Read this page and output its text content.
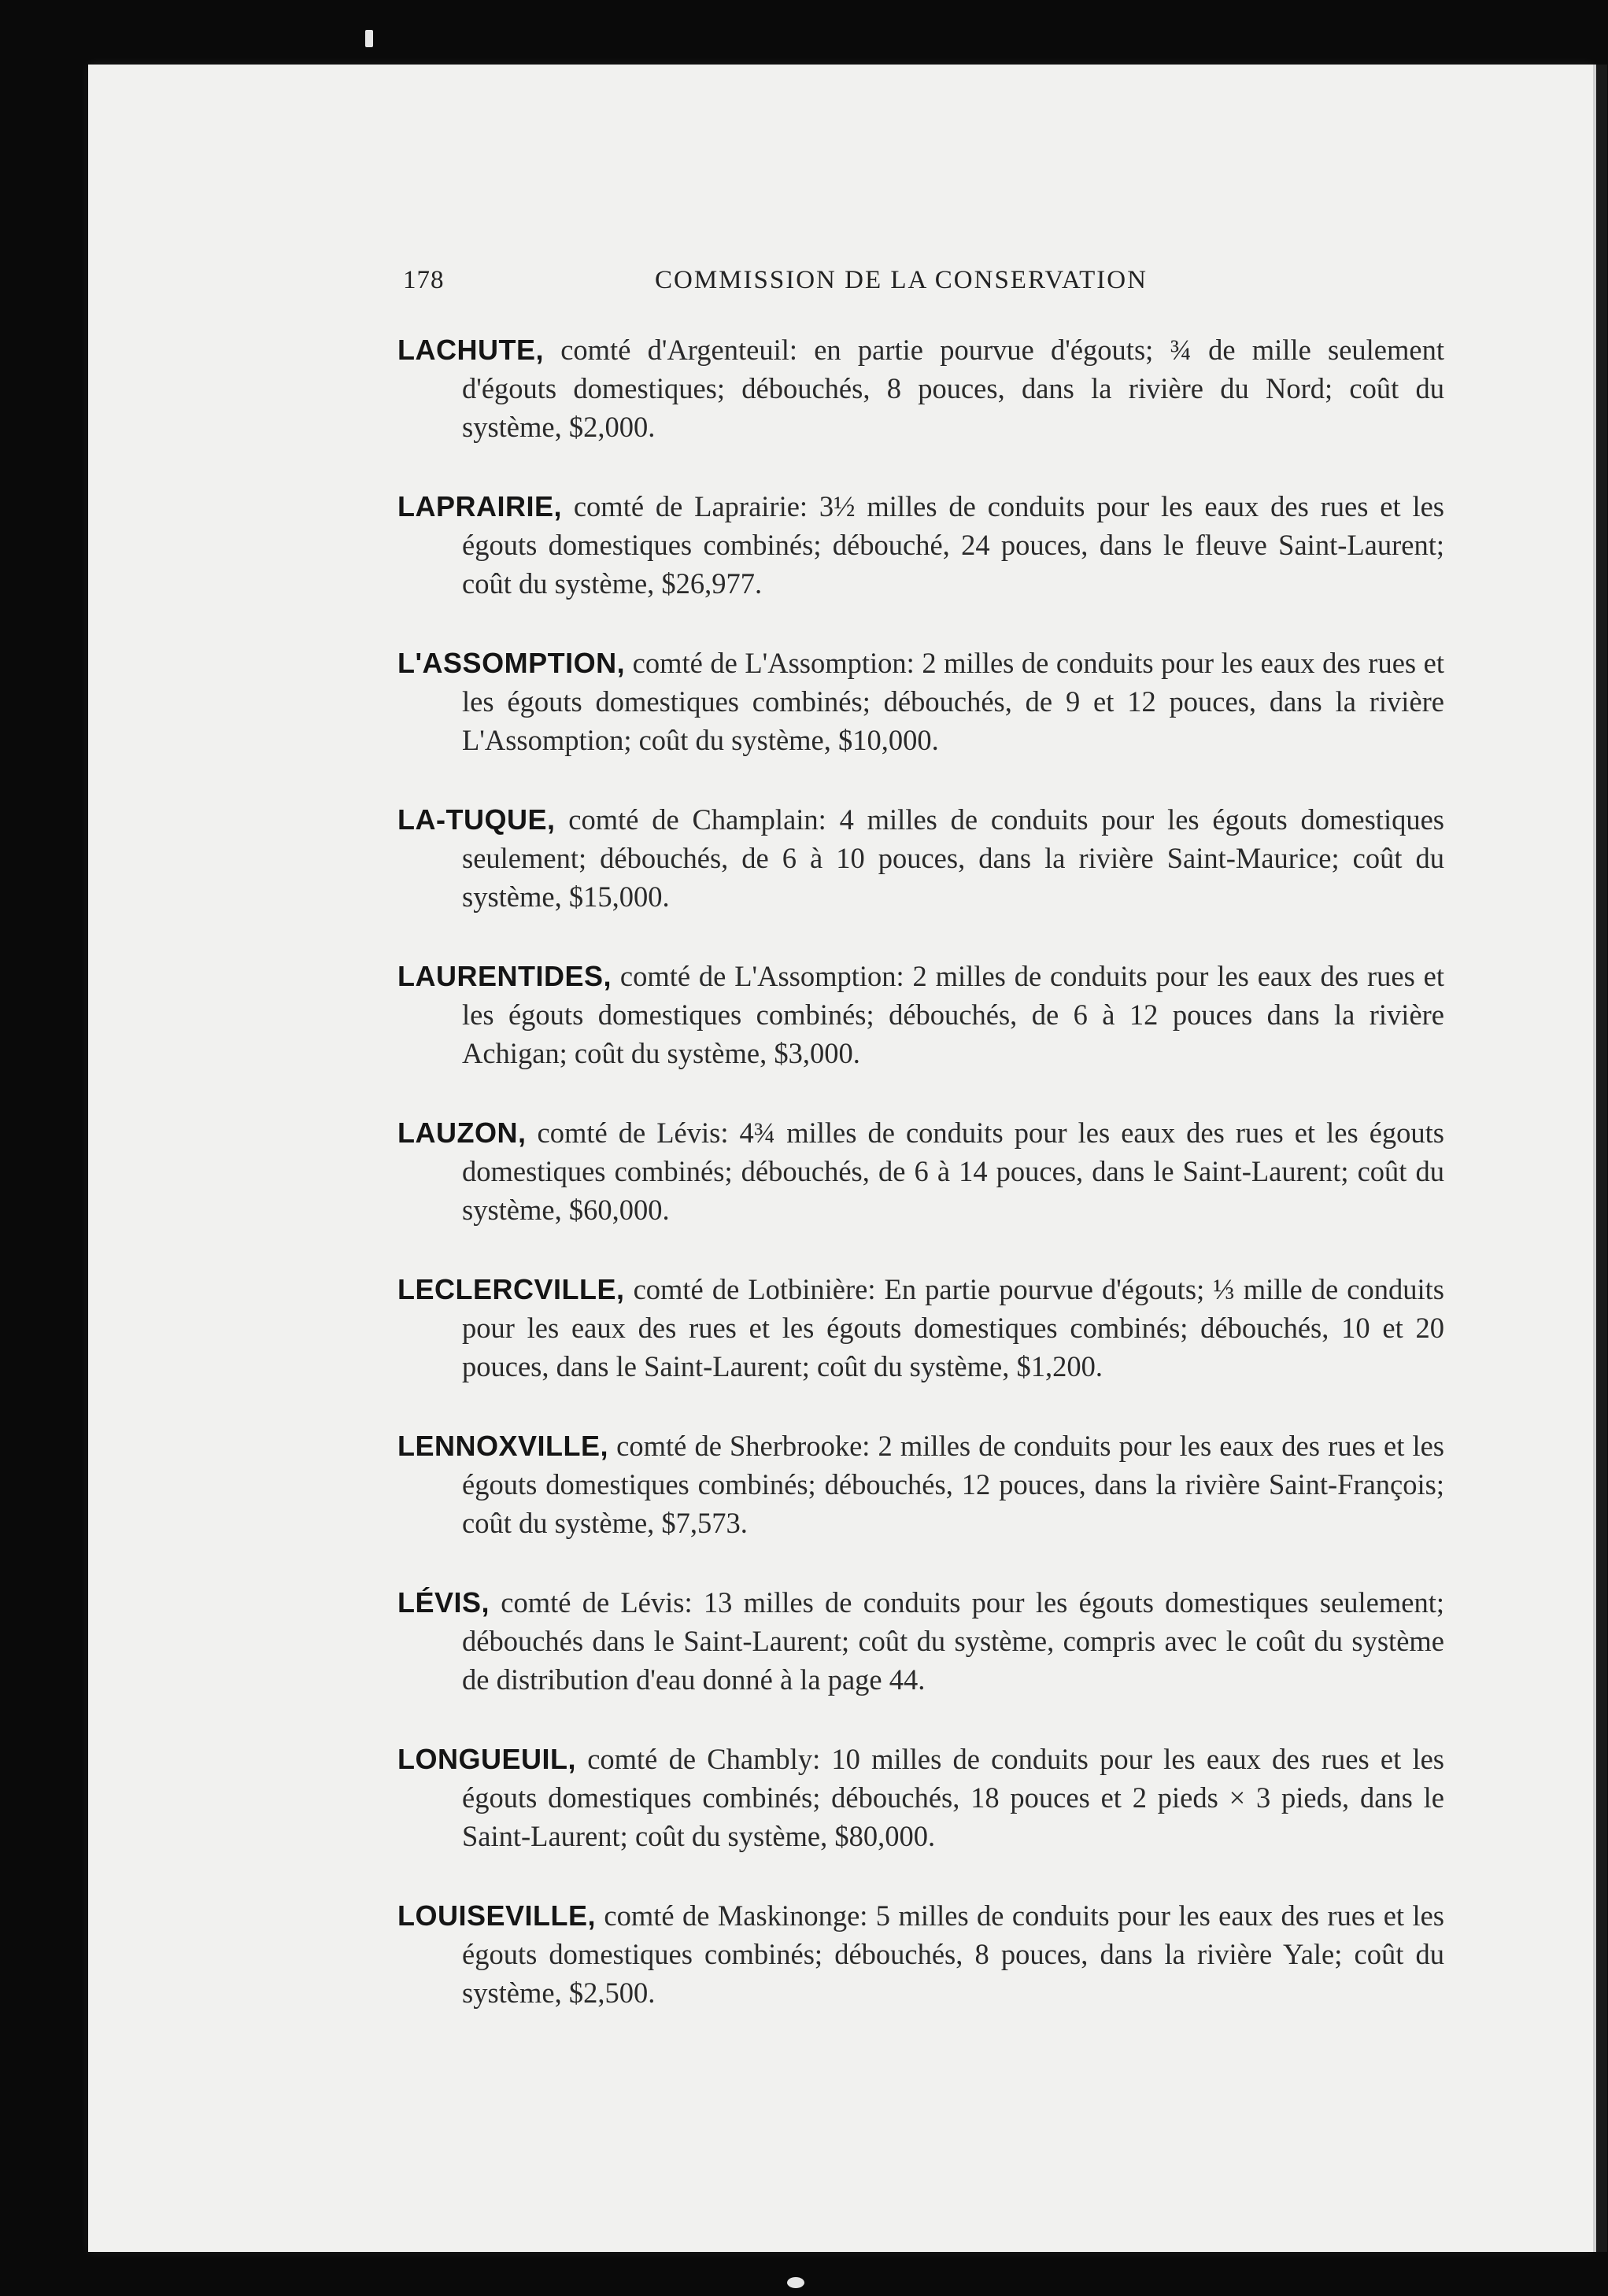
178	COMMISSION DE LA CONSERVATION

LACHUTE, comté d'Argenteuil: en partie pourvue d'égouts; ¾ de mille seulement d'égouts domestiques; débouchés, 8 pouces, dans la rivière du Nord; coût du système, $2,000.

LAPRAIRIE, comté de Laprairie: 3½ milles de conduits pour les eaux des rues et les égouts domestiques combinés; débouché, 24 pouces, dans le fleuve Saint-Laurent; coût du système, $26,977.

L'ASSOMPTION, comté de L'Assomption: 2 milles de conduits pour les eaux des rues et les égouts domestiques combinés; débouchés, de 9 et 12 pouces, dans la rivière L'Assomption; coût du système, $10,000.

LA-TUQUE, comté de Champlain: 4 milles de conduits pour les égouts domestiques seulement; débouchés, de 6 à 10 pouces, dans la rivière Saint-Maurice; coût du système, $15,000.

LAURENTIDES, comté de L'Assomption: 2 milles de conduits pour les eaux des rues et les égouts domestiques combinés; débouchés, de 6 à 12 pouces dans la rivière Achigan; coût du système, $3,000.

LAUZON, comté de Lévis: 4¾ milles de conduits pour les eaux des rues et les égouts domestiques combinés; débouchés, de 6 à 14 pouces, dans le Saint-Laurent; coût du système, $60,000.

LECLERCVILLE, comté de Lotbinière: En partie pourvue d'égouts; ⅓ mille de conduits pour les eaux des rues et les égouts domestiques combinés; débouchés, 10 et 20 pouces, dans le Saint-Laurent; coût du système, $1,200.

LENNOXVILLE, comté de Sherbrooke: 2 milles de conduits pour les eaux des rues et les égouts domestiques combinés; débouchés, 12 pouces, dans la rivière Saint-François; coût du système, $7,573.

LÉVIS, comté de Lévis: 13 milles de conduits pour les égouts domestiques seulement; débouchés dans le Saint-Laurent; coût du système, compris avec le coût du système de distribution d'eau donné à la page 44.

LONGUEUIL, comté de Chambly: 10 milles de conduits pour les eaux des rues et les égouts domestiques combinés; débouchés, 18 pouces et 2 pieds × 3 pieds, dans le Saint-Laurent; coût du système, $80,000.

LOUISEVILLE, comté de Maskinonge: 5 milles de conduits pour les eaux des rues et les égouts domestiques combinés; débouchés, 8 pouces, dans la rivière Yale; coût du système, $2,500.
